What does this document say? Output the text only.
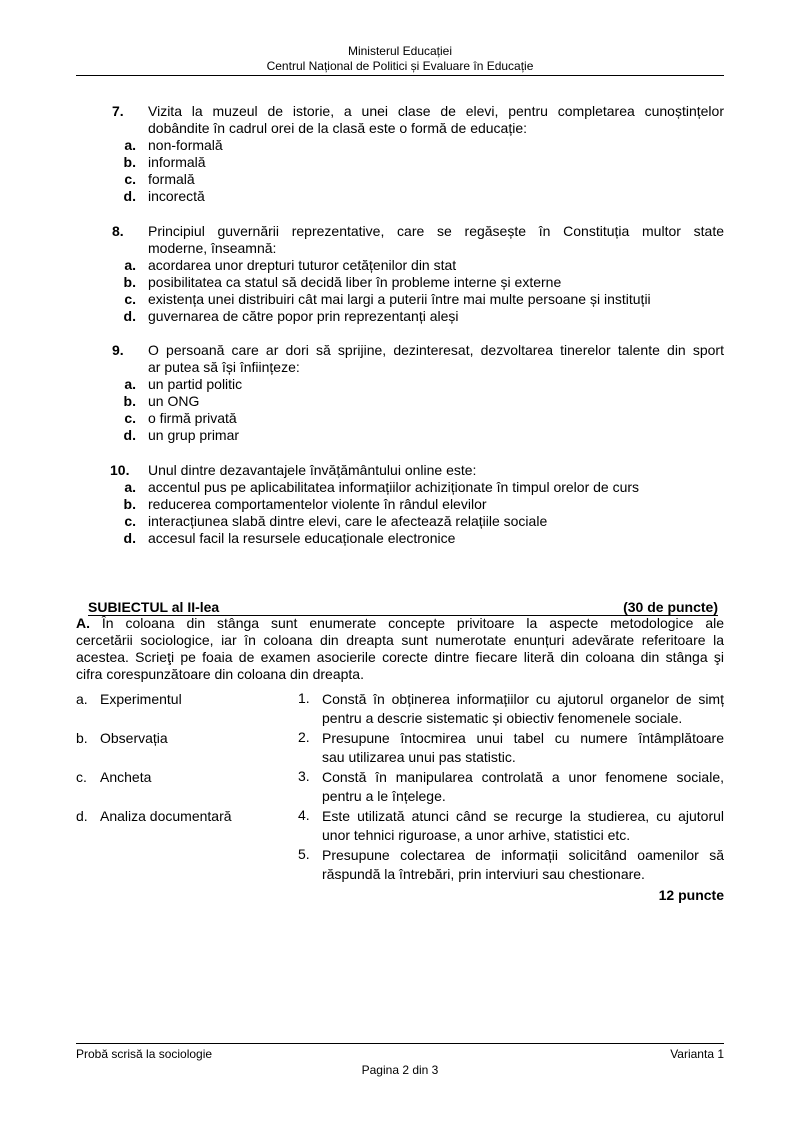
Ministerul Educației
Centrul Național de Politici și Evaluare în Educație
7. Vizita la muzeul de istorie, a unei clase de elevi, pentru completarea cunoștințelor
dobândite în cadrul orei de la clasă este o formă de educație:
a. non-formală
b. informală
c. formală
d. incorectă
8. Principiul guvernării reprezentative, care se regăsește în Constituția multor state
moderne, înseamnă:
a. acordarea unor drepturi tuturor cetățenilor din stat
b. posibilitatea ca statul să decidă liber în probleme interne și externe
c. existența unei distribuiri cât mai largi a puterii între mai multe persoane și instituții
d. guvernarea de către popor prin reprezentanți aleși
9. O persoană care ar dori să sprijine, dezinteresat, dezvoltarea tinerelor talente din sport
ar putea să își înființeze:
a. un partid politic
b. un ONG
c. o firmă privată
d. un grup primar
10. Unul dintre dezavantajele învățământului online este:
a. accentul pus pe aplicabilitatea informațiilor achiziționate în timpul orelor de curs
b. reducerea comportamentelor violente în rândul elevilor
c. interacțiunea slabă dintre elevi, care le afectează relațiile sociale
d. accesul facil la resursele educaționale electronice
SUBIECTUL al II-lea	(30 de puncte)
A. În coloana din stânga sunt enumerate concepte privitoare la aspecte metodologice ale
cercetării sociologice, iar în coloana din dreapta sunt numerotate enunțuri adevărate referitoare la
acestea. Scrieţi pe foaia de examen asocierile corecte dintre fiecare literă din coloana din stânga şi
cifra corespunzătoare din coloana din dreapta.
a. Experimentul
b. Observația
c. Ancheta
d. Analiza documentară
1. Constă în obținerea informațiilor cu ajutorul organelor de simț
pentru a descrie sistematic și obiectiv fenomenele sociale.
2. Presupune întocmirea unui tabel cu numere întâmplătoare
sau utilizarea unui pas statistic.
3. Constă în manipularea controlată a unor fenomene sociale,
pentru a le înțelege.
4. Este utilizată atunci când se recurge la studierea, cu ajutorul
unor tehnici riguroase, a unor arhive, statistici etc.
5. Presupune colectarea de informații solicitând oamenilor să
răspundă la întrebări, prin interviuri sau chestionare.
12 puncte
Probă scrisă la sociologie	Varianta 1
Pagina 2 din 3
